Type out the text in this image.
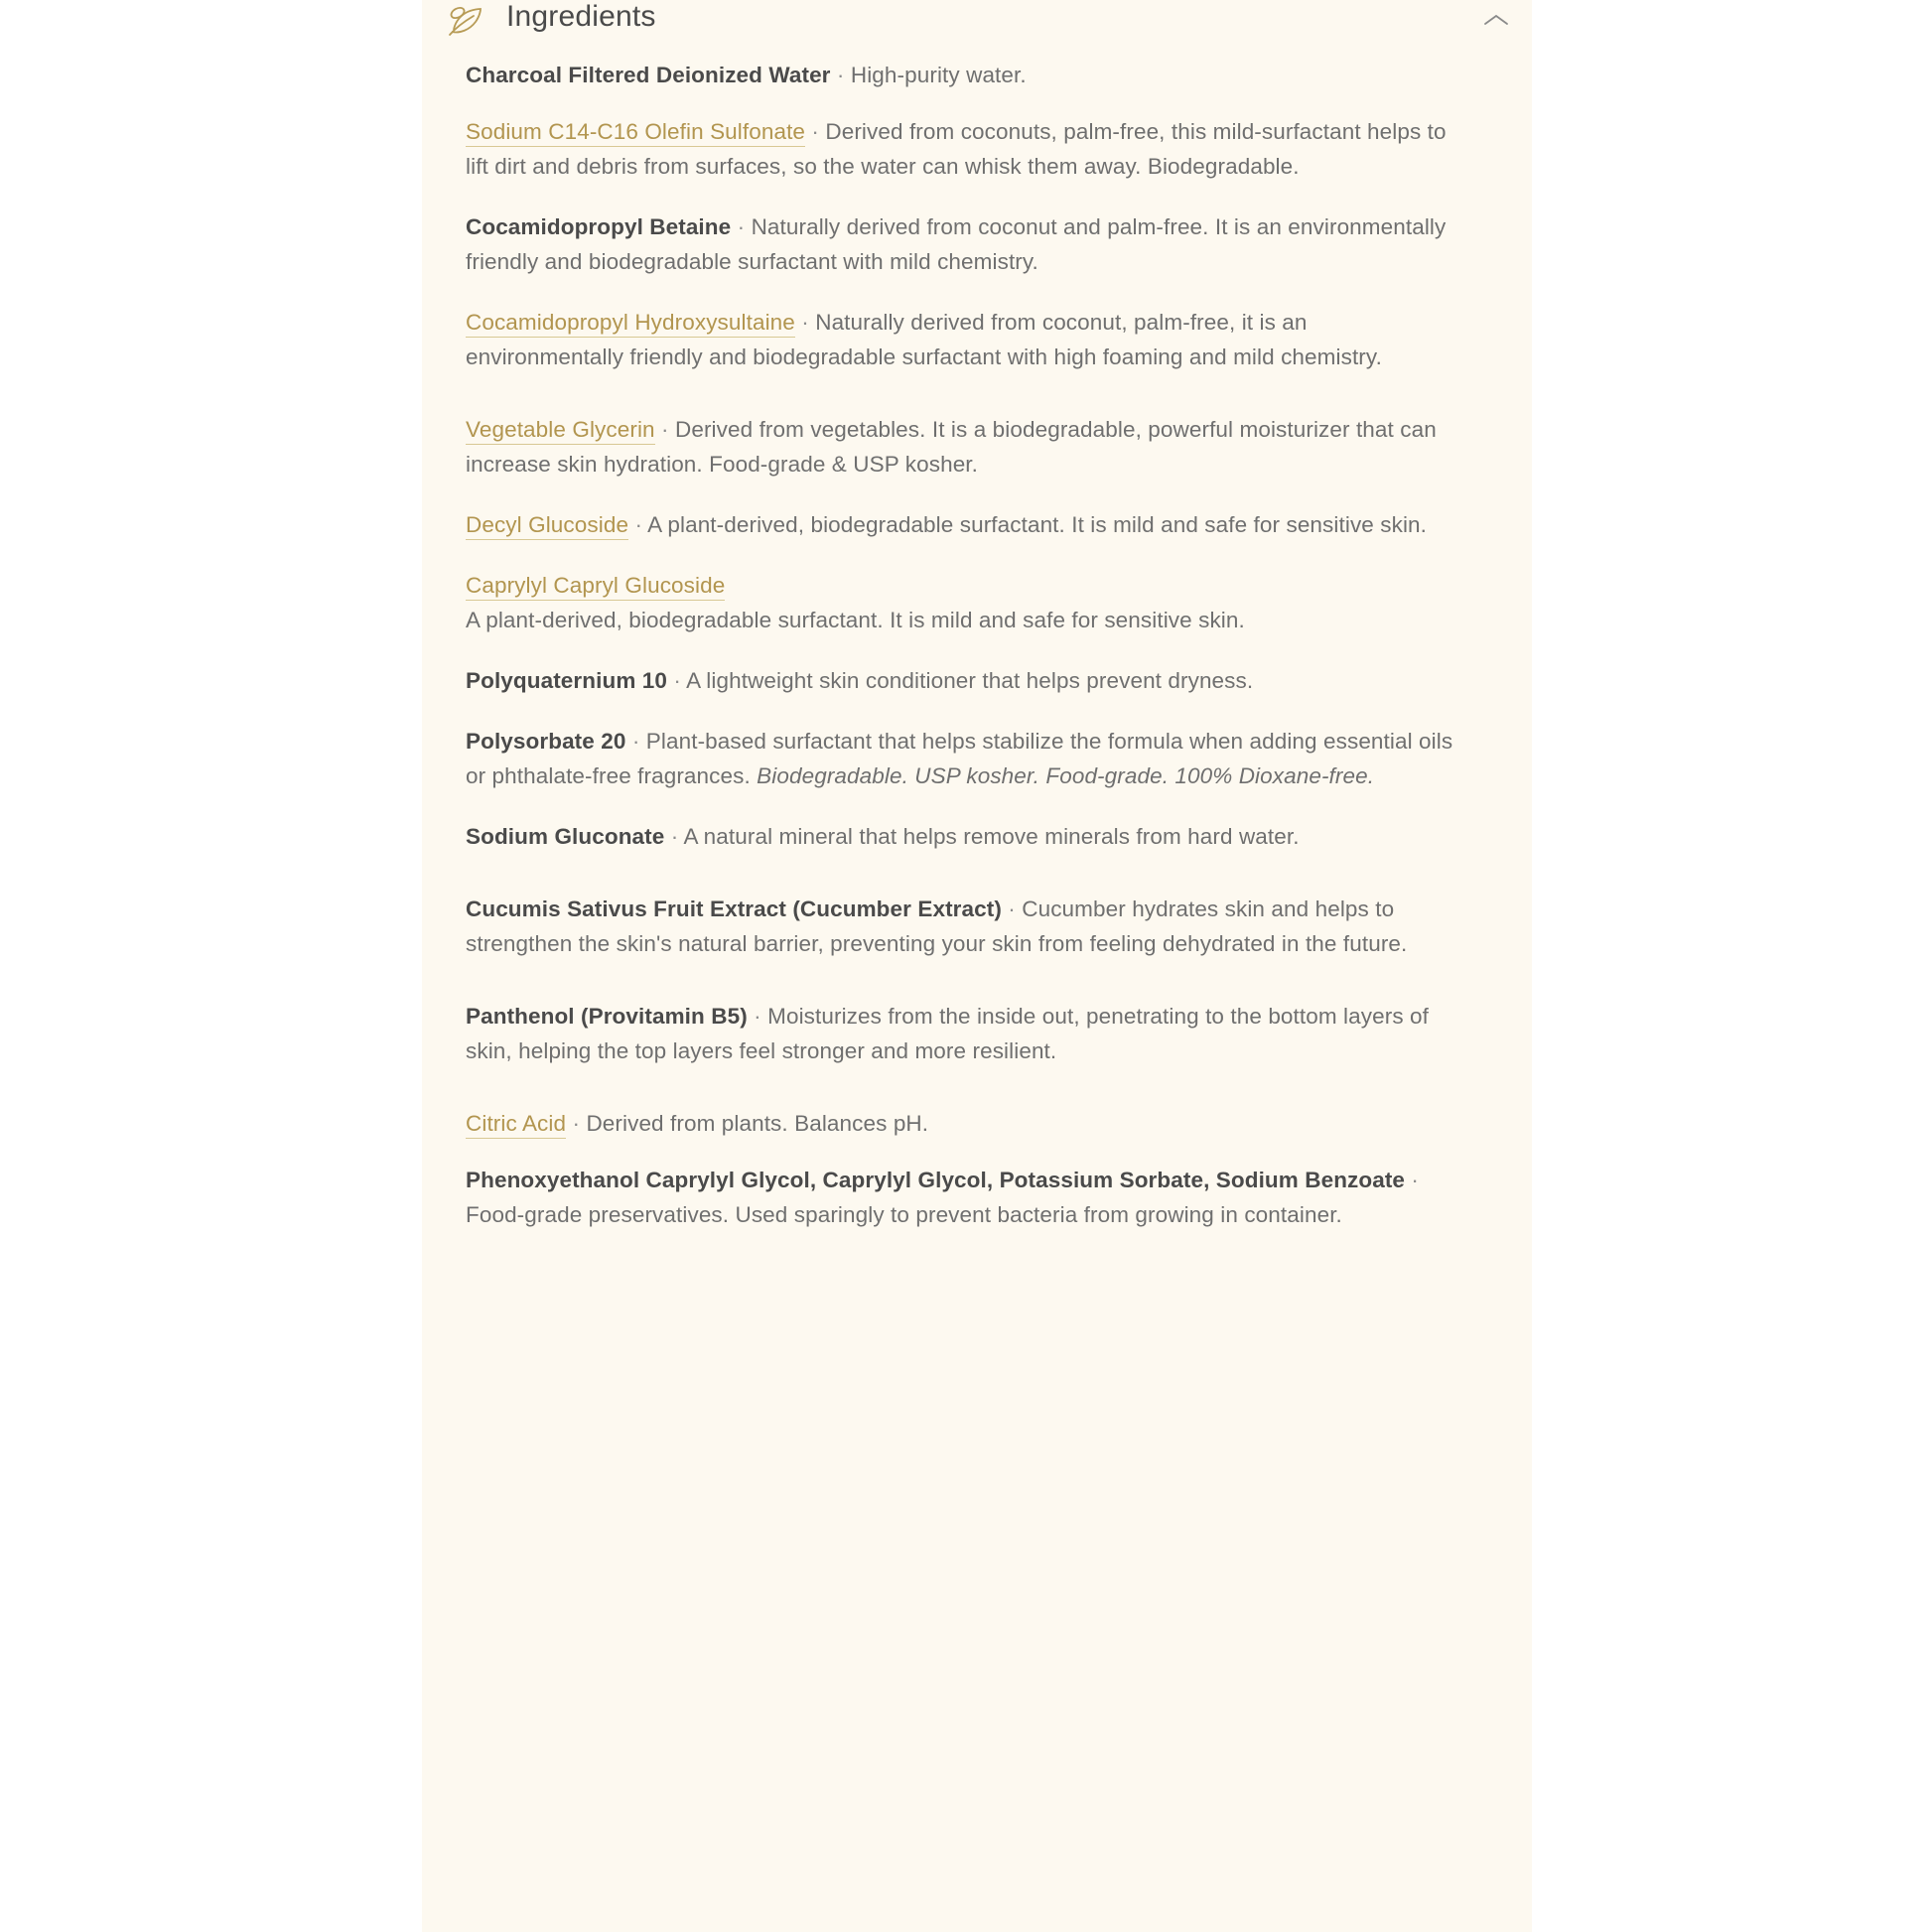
Ingredients

Charcoal Filtered Deionized Water · High-purity water.

Sodium C14-C16 Olefin Sulfonate · Derived from coconuts, palm-free, this mild-surfactant helps to lift dirt and debris from surfaces, so the water can whisk them away. Biodegradable.

Cocamidopropyl Betaine · Naturally derived from coconut and palm-free. It is an environmentally friendly and biodegradable surfactant with mild chemistry.

Cocamidopropyl Hydroxysultaine · Naturally derived from coconut, palm-free, it is an environmentally friendly and biodegradable surfactant with high foaming and mild chemistry.

Vegetable Glycerin · Derived from vegetables. It is a biodegradable, powerful moisturizer that can increase skin hydration. Food-grade & USP kosher.

Decyl Glucoside · A plant-derived, biodegradable surfactant. It is mild and safe for sensitive skin.

Caprylyl Capryl Glucoside
A plant-derived, biodegradable surfactant. It is mild and safe for sensitive skin.

Polyquaternium 10 · A lightweight skin conditioner that helps prevent dryness.

Polysorbate 20 · Plant-based surfactant that helps stabilize the formula when adding essential oils or phthalate-free fragrances. Biodegradable. USP kosher. Food-grade. 100% Dioxane-free.

Sodium Gluconate · A natural mineral that helps remove minerals from hard water.

Cucumis Sativus Fruit Extract (Cucumber Extract) · Cucumber hydrates skin and helps to strengthen the skin's natural barrier, preventing your skin from feeling dehydrated in the future.

Panthenol (Provitamin B5) · Moisturizes from the inside out, penetrating to the bottom layers of skin, helping the top layers feel stronger and more resilient.

Citric Acid · Derived from plants. Balances pH.

Phenoxyethanol Caprylyl Glycol, Caprylyl Glycol, Potassium Sorbate, Sodium Benzoate · Food-grade preservatives. Used sparingly to prevent bacteria from growing in container.
